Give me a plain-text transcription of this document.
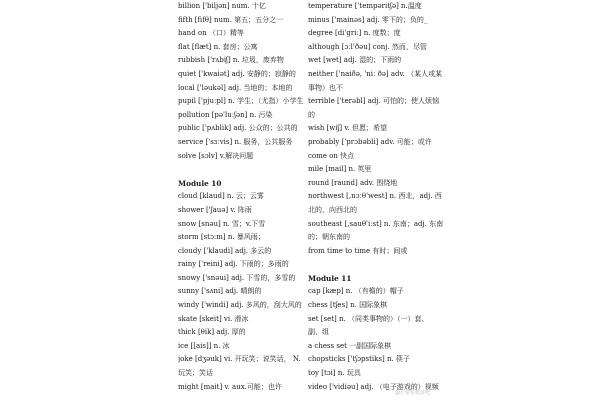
billion ['biljən] num. 十亿
fifth [fifθ] num. 第五；五分之一
hand on （口）精等
flat [flæt] n. 套房；公寓
rubbish ['rʌbiʃ] n. 垃圾，废弃物
quiet ['kwaiət] adj. 安静的；寂静的
local ['ləukəl] adj. 当地的；本地的
pupil ['pjuːpl] n. 学生；（尤指）小学生
pollution [pə'luːʃən] n. 污染
public ['pʌblik] adj. 公众的；公共的
service ['sɜːvis] n. 服务，公共服务
solve [sɔlv] v.解决问题
Module 10
cloud [klaud] n. 云；云雾
shower ['ʃauə] v. 阵雨
snow [snəu] n. 雪；v.下雪
storm [stɔːm] n. 暴风雨；
cloudy ['klaudi] adj. 多云的
rainy ['reini] adj. 下雨的；多雨的
snowy ['snəui] adj. 下雪的，多雪的
sunny ['sʌni] adj. 晴朗的
windy ['windi] adj. 多风的，刮大风的
skate [skeit] vi. 滑冰
thick [θik] adj. 厚的
ice [[ais]] n. 冰
joke [dʒəuk] vi. 开玩笑；说笑话， N.
玩笑；笑话
might [mait] v. aux.可能；也许
temperature ['tempəritʃə] n.温度
minus ['mainəs] adj. 零下的；负的_
degree [di'griː] n. 度数；度
although [ɔːl'ðəu] conj. 然而，尽管
wet [wet] adj. 湿的；下雨的
neither ['naiðə, 'niː ðə] adv. （某人或某
事物）也不
terrible ['terəbl] adj. 可怕的；使人烦恼
的
wish [wiʃ] v. 但愿；希望
probably ['prɔbəbli] adv. 可能；或许
come on 快点
mile [mail] n. 英里
round [raund] adv. 围绕地
northwest [,nɔːθ'west] n. 西北，adj. 西
北的，向西北的
southeast [,sauθ'iːst] n. 东南；adj. 东南
的；朝东南的
from time to time 有时；间或
Module 11
cap [kæp] n. （有檐的）帽子
chess [tʃes] n. 国际象棋
set [set] n. （同类事物的）（一）套、
副、组
a chess set 一副国际象棋
chopsticks ['tʃɔpstiks] n. 筷子
toy [tɔi] n. 玩具
video ['vidiəu] adj. （电子游戏的）视频
@汇帮转教讲吧
